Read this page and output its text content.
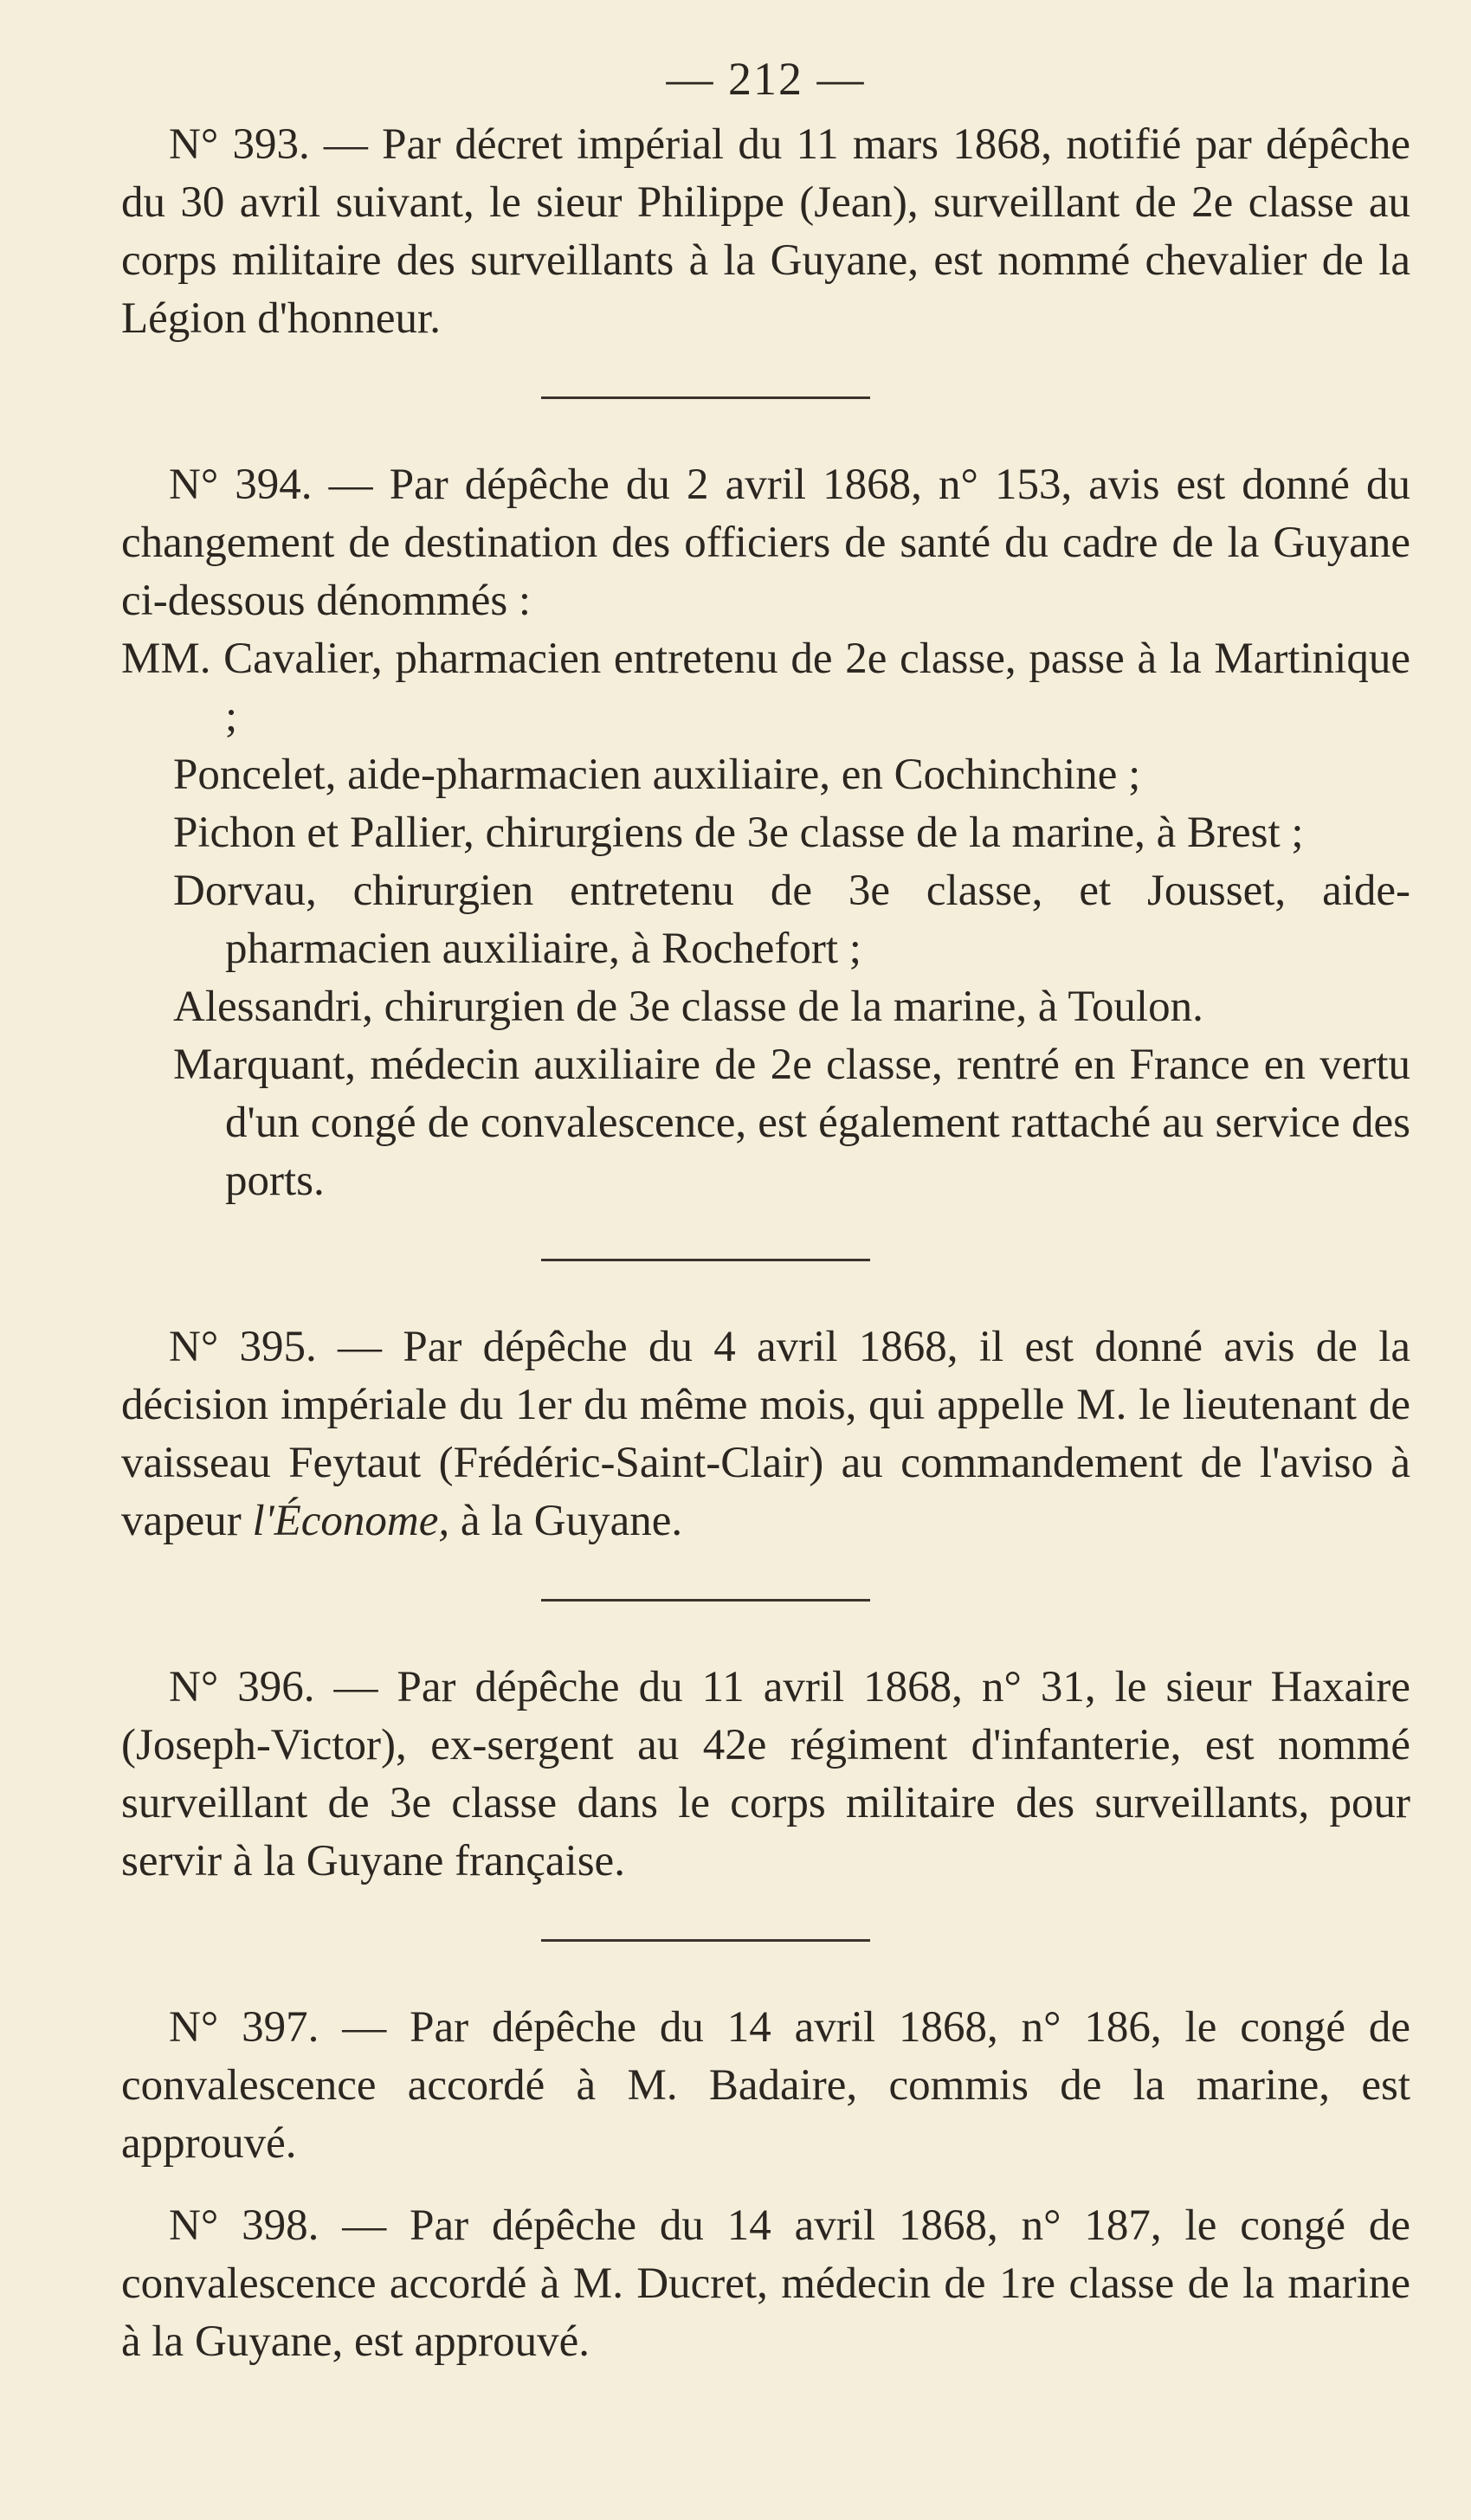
— 212 —

N° 393. — Par décret impérial du 11 mars 1868, notifié par dépêche du 30 avril suivant, le sieur Philippe (Jean), surveillant de 2e classe au corps militaire des surveillants à la Guyane, est nommé chevalier de la Légion d'honneur.

N° 394. — Par dépêche du 2 avril 1868, n° 153, avis est donné du changement de destination des officiers de santé du cadre de la Guyane ci-dessous dénommés :

MM. Cavalier, pharmacien entretenu de 2e classe, passe à la Martinique ;
Poncelet, aide-pharmacien auxiliaire, en Cochinchine ;
Pichon et Pallier, chirurgiens de 3e classe de la marine, à Brest ;
Dorvau, chirurgien entretenu de 3e classe, et Jousset, aide-pharmacien auxiliaire, à Rochefort ;
Alessandri, chirurgien de 3e classe de la marine, à Toulon.
Marquant, médecin auxiliaire de 2e classe, rentré en France en vertu d'un congé de convalescence, est également rattaché au service des ports.

N° 395. — Par dépêche du 4 avril 1868, il est donné avis de la décision impériale du 1er du même mois, qui appelle M. le lieutenant de vaisseau Feytaut (Frédéric-Saint-Clair) au commandement de l'aviso à vapeur l'Économe, à la Guyane.

N° 396. — Par dépêche du 11 avril 1868, n° 31, le sieur Haxaire (Joseph-Victor), ex-sergent au 42e régiment d'infanterie, est nommé surveillant de 3e classe dans le corps militaire des surveillants, pour servir à la Guyane française.

N° 397. — Par dépêche du 14 avril 1868, n° 186, le congé de convalescence accordé à M. Badaire, commis de la marine, est approuvé.

N° 398. — Par dépêche du 14 avril 1868, n° 187, le congé de convalescence accordé à M. Ducret, médecin de 1re classe de la marine à la Guyane, est approuvé.
